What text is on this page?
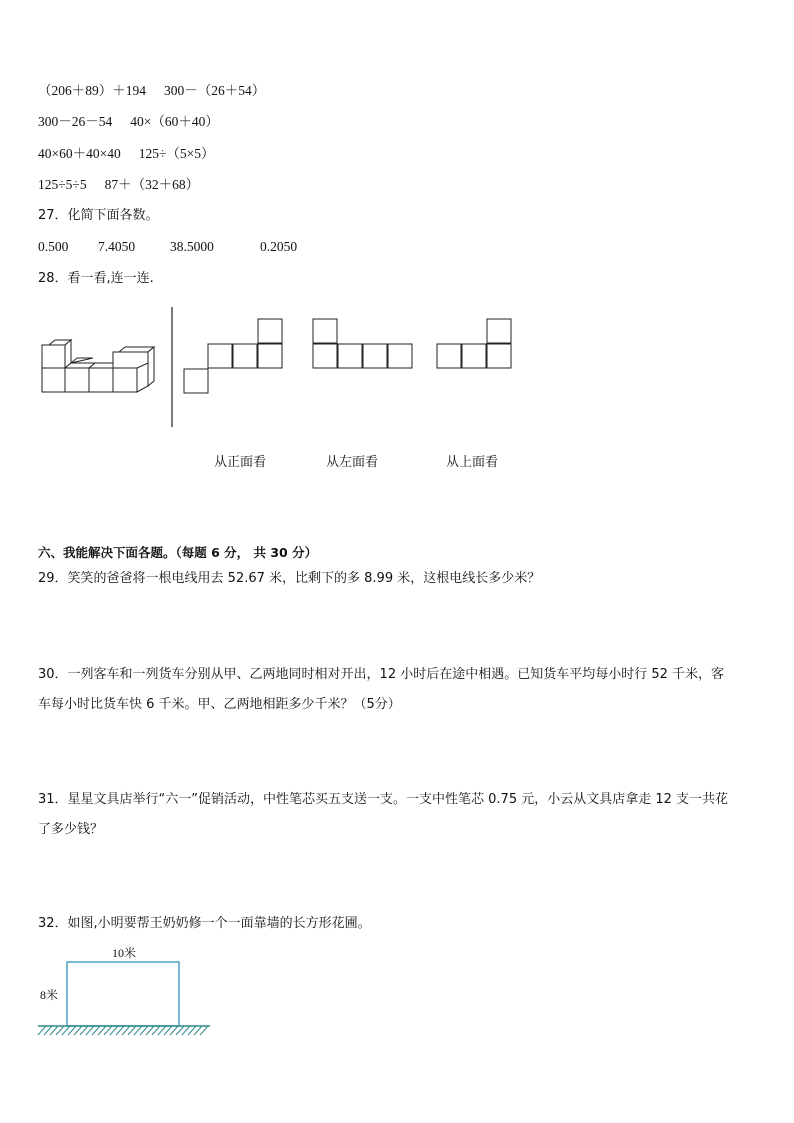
（206＋89）＋194 300－（26＋54）
300－26－54 40×（60＋40）
40×60＋40×40 125÷（5×5）
125÷5÷5 87＋（32＋68）
27．化简下面各数。
0.500 7.4050	38.5000	0.2050
28．看一看,连一连.
从正面看	从左面看	从上面看
六、我能解决下面各题。（每题 6 分， 共 30 分）
29．笑笑的爸爸将一根电线用去 52.67 米，比剩下的多 8.99 米，这根电线长多少米？
30．一列客车和一列货车分别从甲、乙两地同时相对开出，12 小时后在途中相遇。已知货车平均每小时行 52 千米，客
车每小时比货车快 6 千米。甲、乙两地相距多少千米？（5分）
31．星星文具店举行“六一”促销活动，中性笔芯买五支送一支。一支中性笔芯 0.75 元，小云从文具店拿走 12 支一共花
了多少钱？
32．如图,小明要帮王奶奶修一个一面靠墙的长方形花圃。
10米
8米
